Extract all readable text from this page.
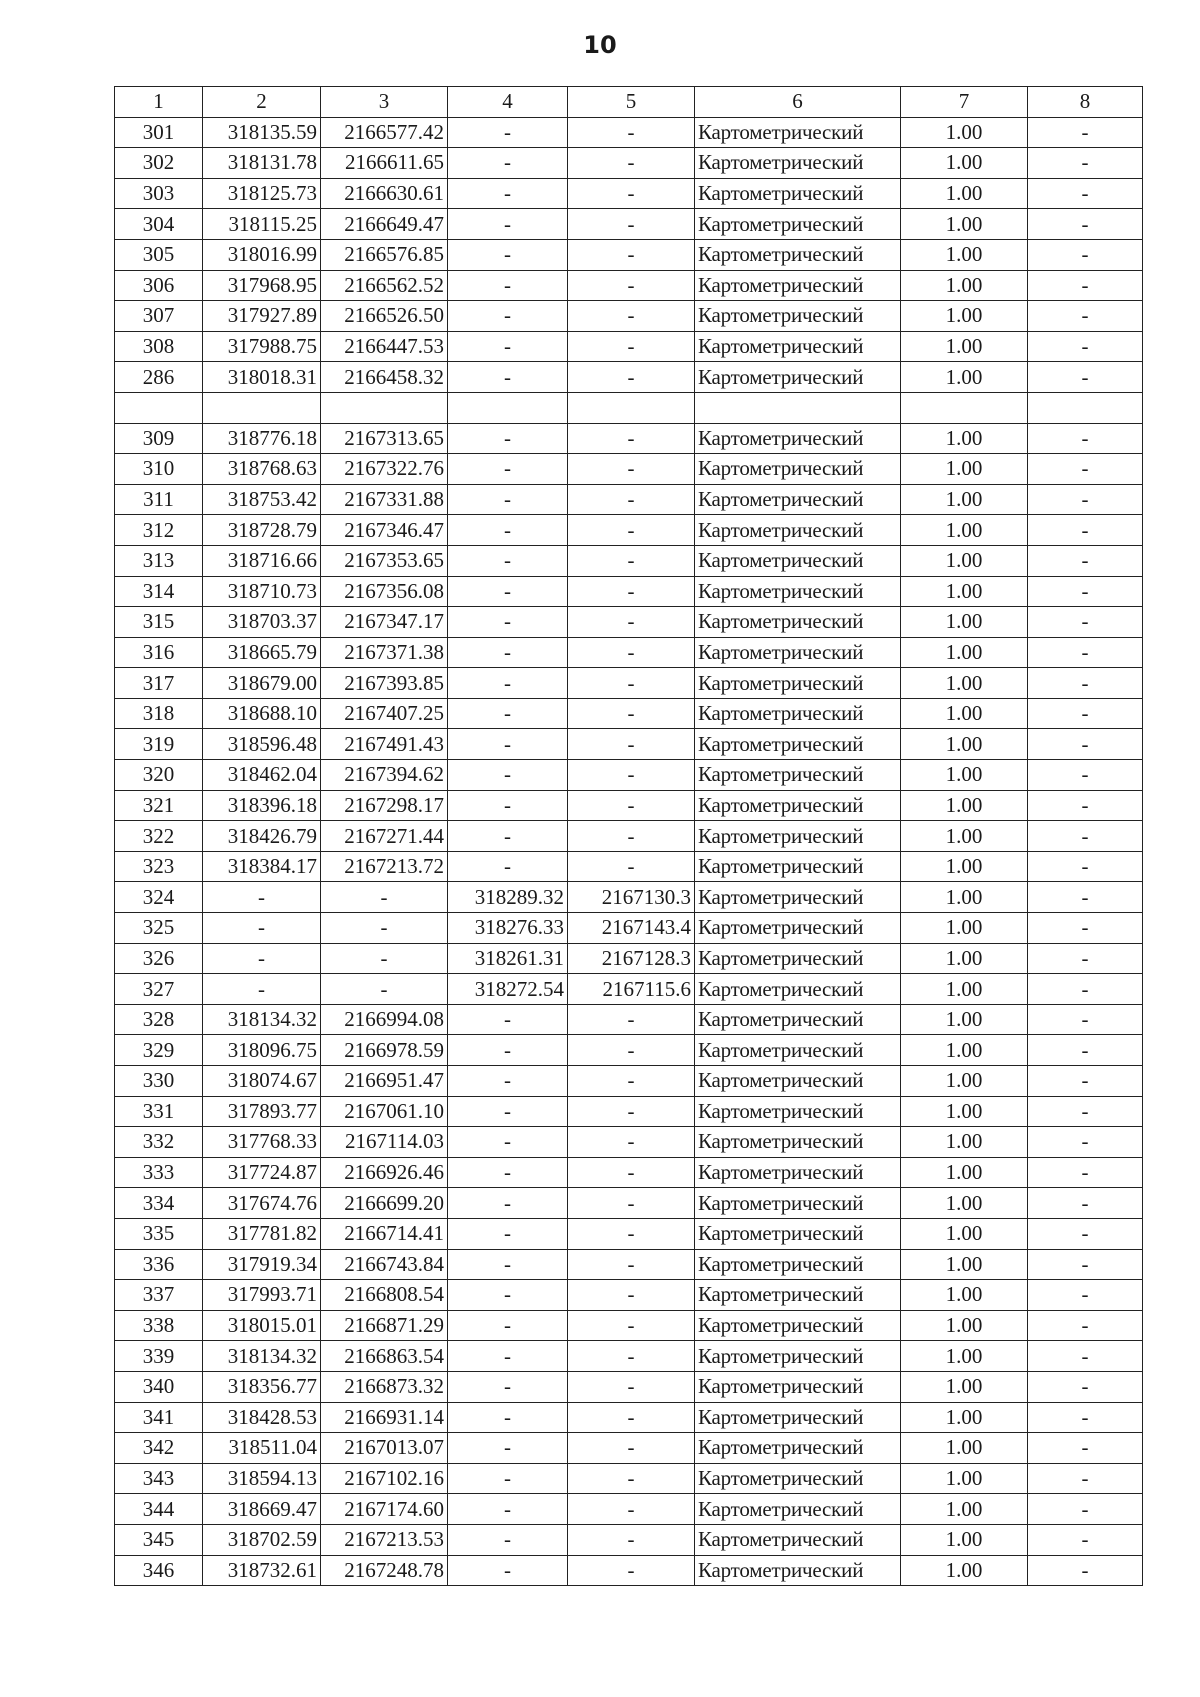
10
1	2	3	4	5	6	7	8
301	318135.59	2166577.42	-	-	Картометрический	1.00	-
302	318131.78	2166611.65	-	-	Картометрический	1.00	-
303	318125.73	2166630.61	-	-	Картометрический	1.00	-
304	318115.25	2166649.47	-	-	Картометрический	1.00	-
305	318016.99	2166576.85	-	-	Картометрический	1.00	-
306	317968.95	2166562.52	-	-	Картометрический	1.00	-
307	317927.89	2166526.50	-	-	Картометрический	1.00	-
308	317988.75	2166447.53	-	-	Картометрический	1.00	-
286	318018.31	2166458.32	-	-	Картометрический	1.00	-

309	318776.18	2167313.65	-	-	Картометрический	1.00	-
310	318768.63	2167322.76	-	-	Картометрический	1.00	-
311	318753.42	2167331.88	-	-	Картометрический	1.00	-
312	318728.79	2167346.47	-	-	Картометрический	1.00	-
313	318716.66	2167353.65	-	-	Картометрический	1.00	-
314	318710.73	2167356.08	-	-	Картометрический	1.00	-
315	318703.37	2167347.17	-	-	Картометрический	1.00	-
316	318665.79	2167371.38	-	-	Картометрический	1.00	-
317	318679.00	2167393.85	-	-	Картометрический	1.00	-
318	318688.10	2167407.25	-	-	Картометрический	1.00	-
319	318596.48	2167491.43	-	-	Картометрический	1.00	-
320	318462.04	2167394.62	-	-	Картометрический	1.00	-
321	318396.18	2167298.17	-	-	Картометрический	1.00	-
322	318426.79	2167271.44	-	-	Картометрический	1.00	-
323	318384.17	2167213.72	-	-	Картометрический	1.00	-
324	-	-	318289.32	2167130.3	Картометрический	1.00	-
325	-	-	318276.33	2167143.4	Картометрический	1.00	-
326	-	-	318261.31	2167128.3	Картометрический	1.00	-
327	-	-	318272.54	2167115.6	Картометрический	1.00	-
328	318134.32	2166994.08	-	-	Картометрический	1.00	-
329	318096.75	2166978.59	-	-	Картометрический	1.00	-
330	318074.67	2166951.47	-	-	Картометрический	1.00	-
331	317893.77	2167061.10	-	-	Картометрический	1.00	-
332	317768.33	2167114.03	-	-	Картометрический	1.00	-
333	317724.87	2166926.46	-	-	Картометрический	1.00	-
334	317674.76	2166699.20	-	-	Картометрический	1.00	-
335	317781.82	2166714.41	-	-	Картометрический	1.00	-
336	317919.34	2166743.84	-	-	Картометрический	1.00	-
337	317993.71	2166808.54	-	-	Картометрический	1.00	-
338	318015.01	2166871.29	-	-	Картометрический	1.00	-
339	318134.32	2166863.54	-	-	Картометрический	1.00	-
340	318356.77	2166873.32	-	-	Картометрический	1.00	-
341	318428.53	2166931.14	-	-	Картометрический	1.00	-
342	318511.04	2167013.07	-	-	Картометрический	1.00	-
343	318594.13	2167102.16	-	-	Картометрический	1.00	-
344	318669.47	2167174.60	-	-	Картометрический	1.00	-
345	318702.59	2167213.53	-	-	Картометрический	1.00	-
346	318732.61	2167248.78	-	-	Картометрический	1.00	-
